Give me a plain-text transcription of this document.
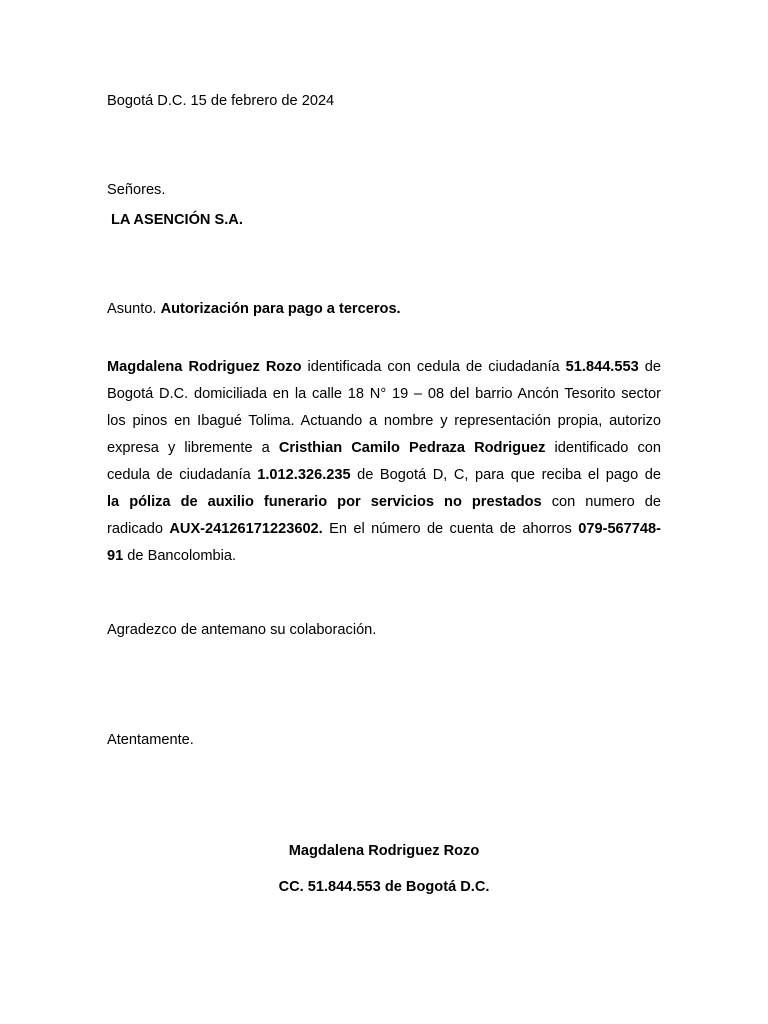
Bogotá D.C. 15 de febrero de 2024
Señores.
LA ASENCIÓN S.A.
Asunto. Autorización para pago a terceros.
Magdalena Rodriguez Rozo identificada con cedula de ciudadanía 51.844.553 de
Bogotá D.C. domiciliada en la calle 18 N° 19 – 08 del barrio Ancón Tesorito sector
los pinos en Ibagué Tolima. Actuando a nombre y representación propia, autorizo
expresa y libremente a Cristhian Camilo Pedraza Rodriguez identificado con
cedula de ciudadanía 1.012.326.235 de Bogotá D, C, para que reciba el pago de
la póliza de auxilio funerario por servicios no prestados con numero de
radicado AUX-24126171223602. En el número de cuenta de ahorros 079-567748-
91 de Bancolombia.
Agradezco de antemano su colaboración.
Atentamente.
Magdalena Rodriguez Rozo
CC. 51.844.553 de Bogotá D.C.
